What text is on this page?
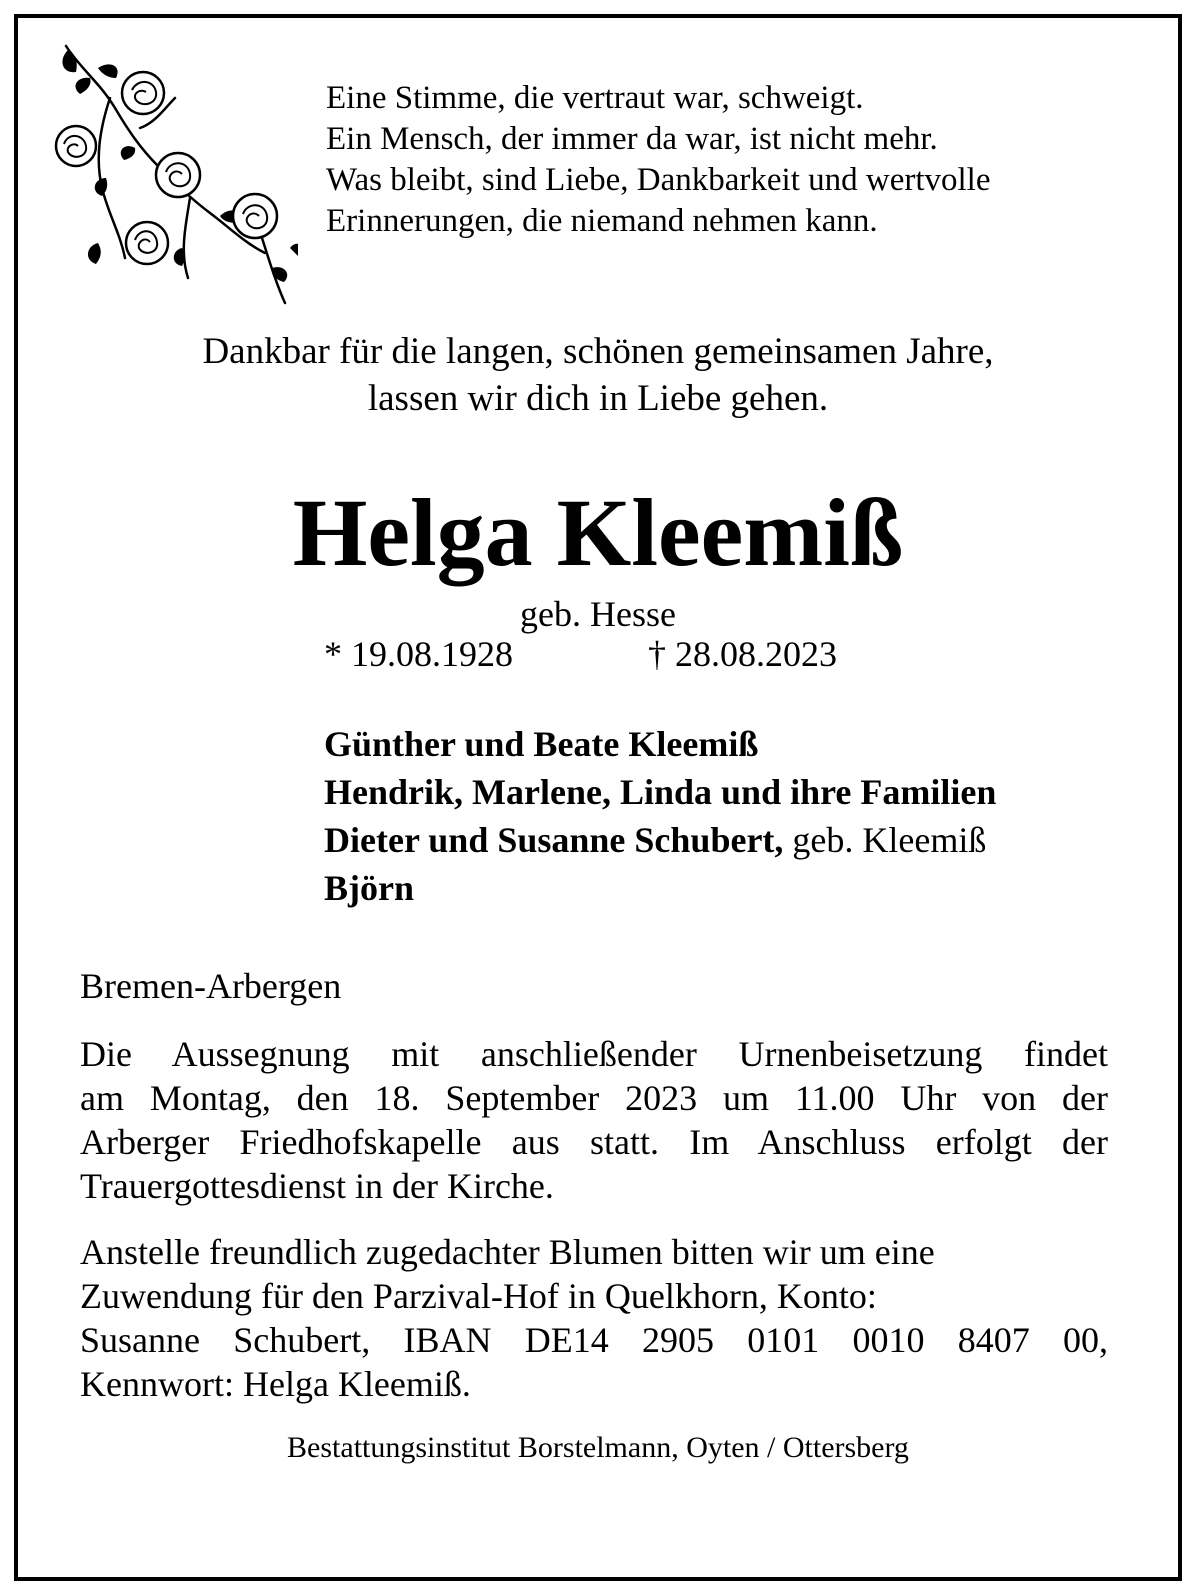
Eine Stimme, die vertraut war, schweigt.
Ein Mensch, der immer da war, ist nicht mehr.
Was bleibt, sind Liebe, Dankbarkeit und wertvolle
Erinnerungen, die niemand nehmen kann.
Dankbar für die langen, schönen gemeinsamen Jahre,
lassen wir dich in Liebe gehen.
Helga Kleemiß
geb. Hesse
* 19.08.1928	† 28.08.2023
Günther und Beate Kleemiß
Hendrik, Marlene, Linda und ihre Familien
Dieter und Susanne Schubert, geb. Kleemiß
Björn
Bremen-Arbergen
Die Aussegnung mit anschließender Urnenbeisetzung findet
am Montag, den 18. September 2023 um 11.00 Uhr von der
Arberger Friedhofskapelle aus statt. Im Anschluss erfolgt der
Trauergottesdienst in der Kirche.
Anstelle freundlich zugedachter Blumen bitten wir um eine
Zuwendung für den Parzival-Hof in Quelkhorn, Konto:
Susanne Schubert, IBAN DE14 2905 0101 0010 8407 00,
Kennwort: Helga Kleemiß.
Bestattungsinstitut Borstelmann, Oyten / Ottersberg
